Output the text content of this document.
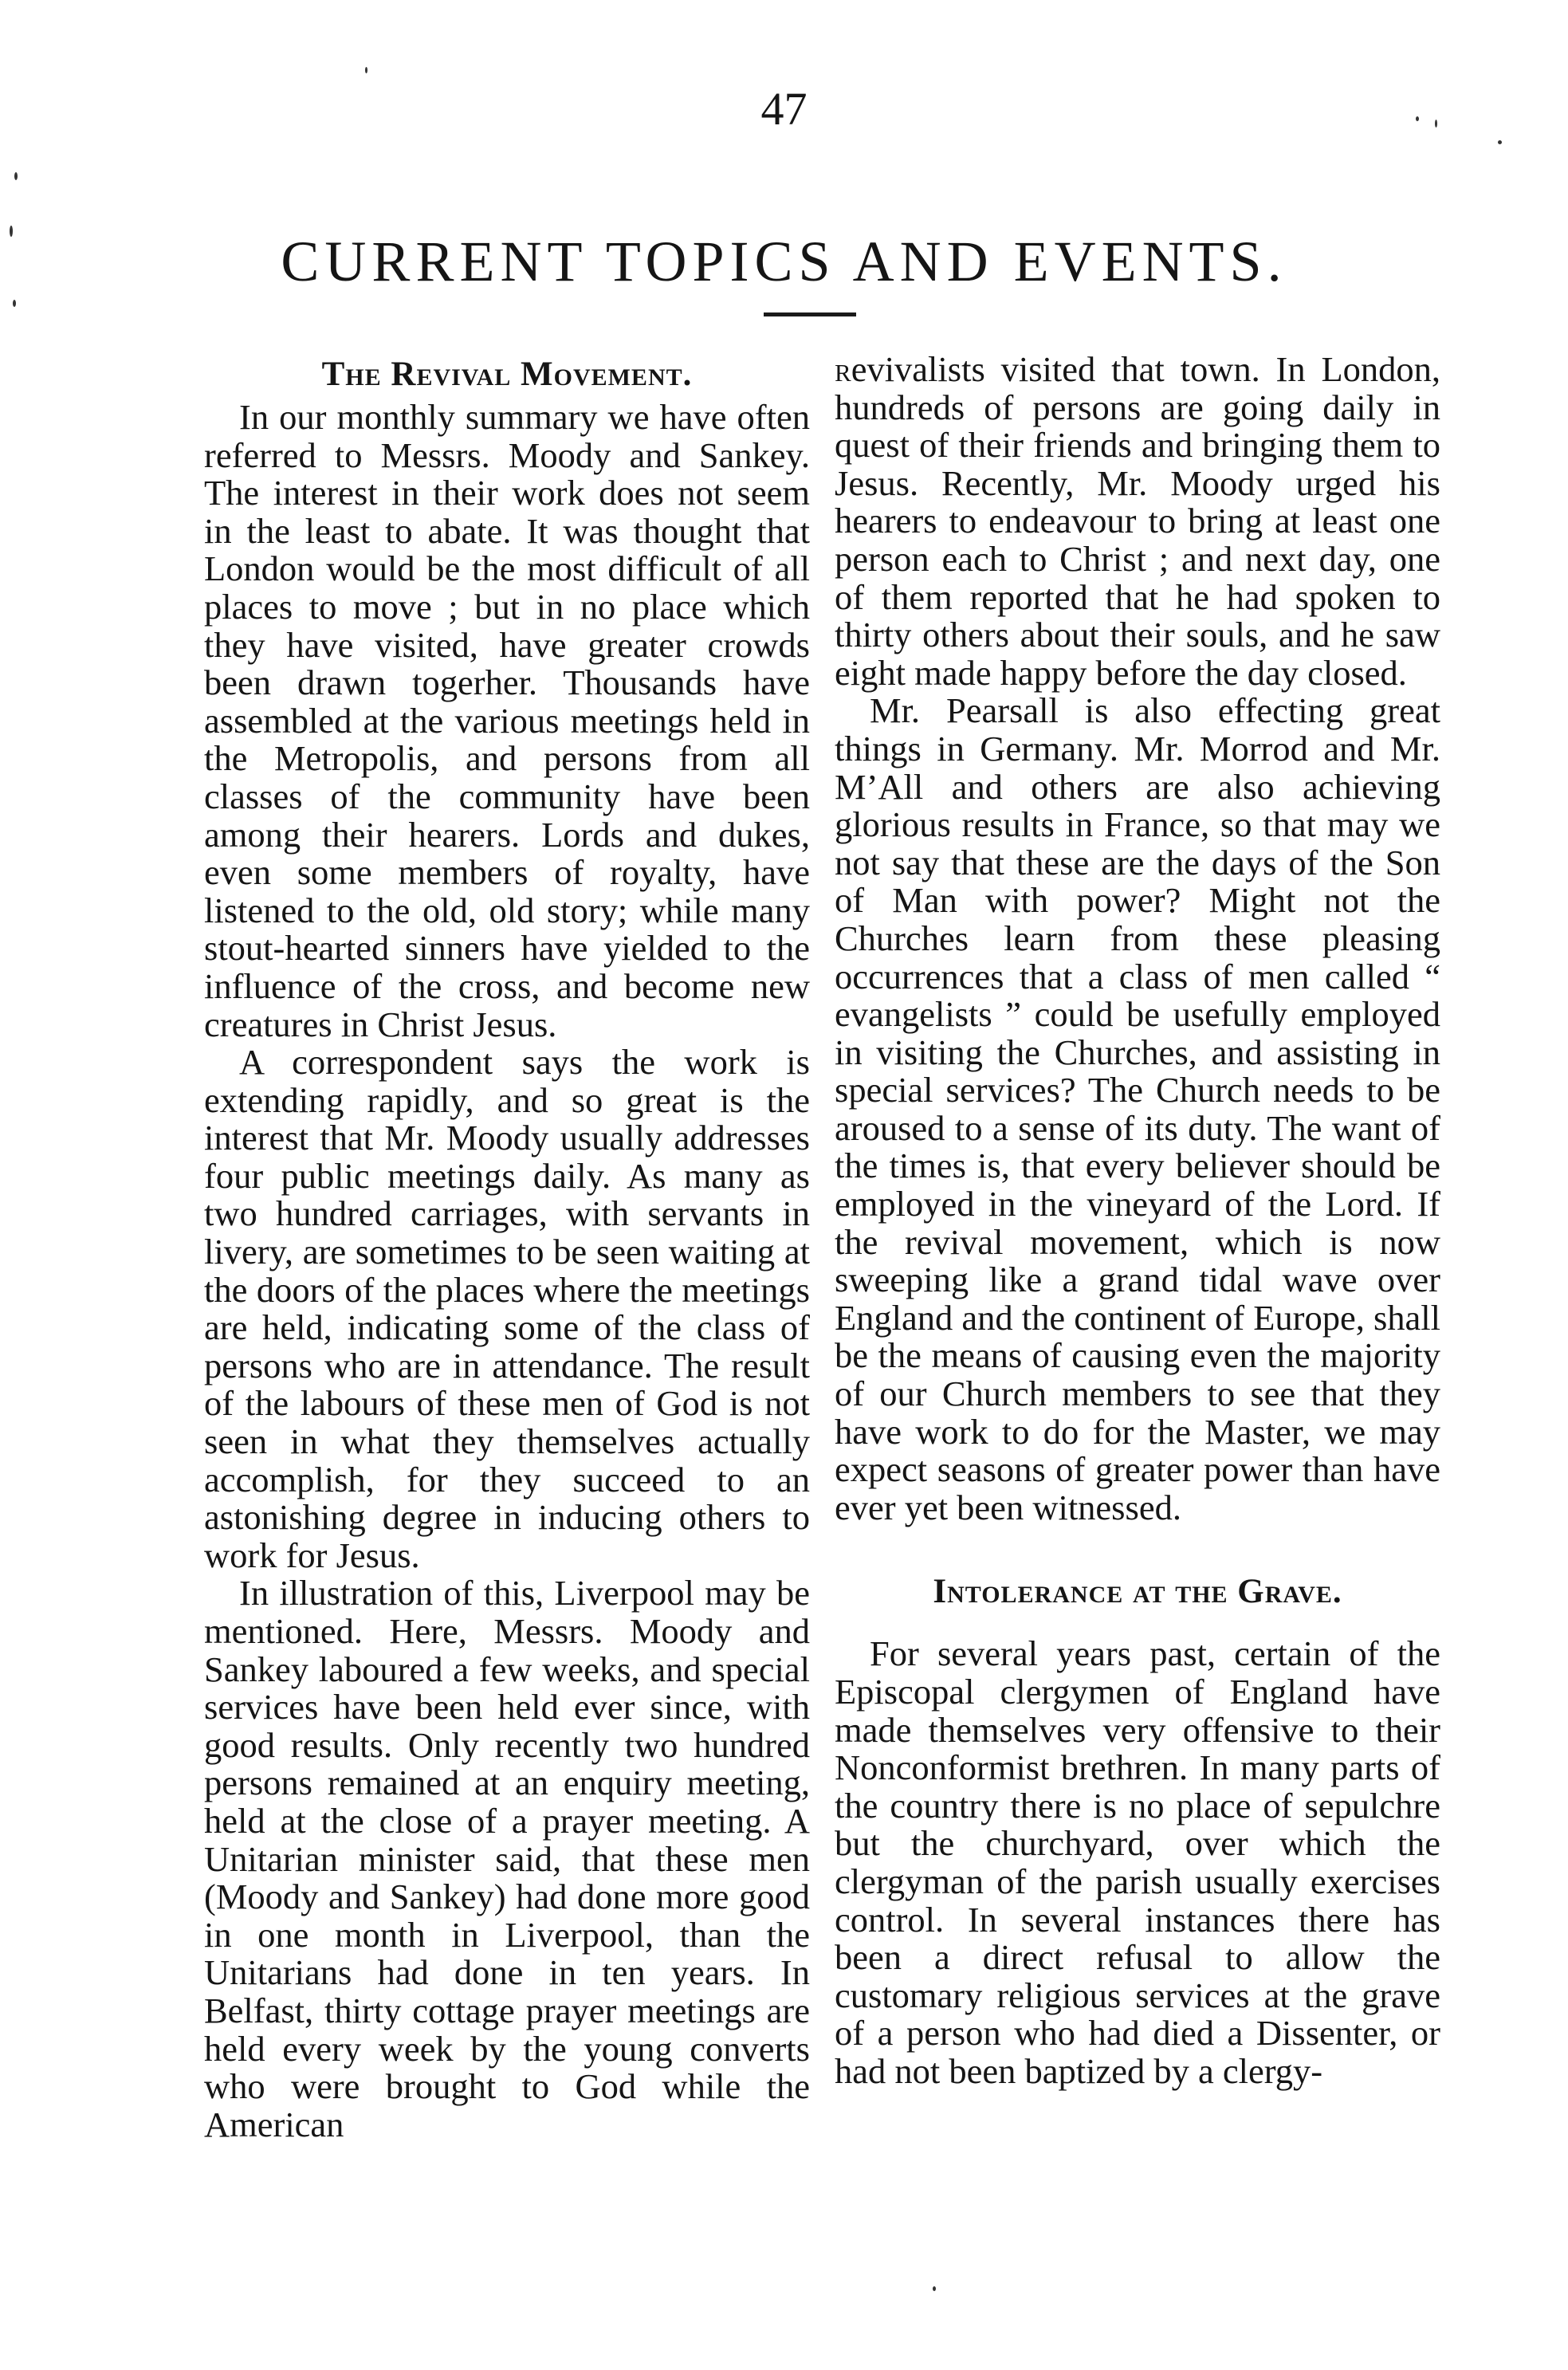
47
CURRENT TOPICS AND EVENTS.
The Revival Movement.

In our monthly summary we have often referred to Messrs. Moody and Sankey. The interest in their work does not seem in the least to abate. It was thought that London would be the most difficult of all places to move ; but in no place which they have visited, have greater crowds been drawn togerher. Thousands have assembled at the various meetings held in the Metropolis, and persons from all classes of the community have been among their hearers. Lords and dukes, even some members of royalty, have listened to the old, old story; while many stout-hearted sinners have yielded to the influence of the cross, and become new creatures in Christ Jesus.

A correspondent says the work is extending rapidly, and so great is the interest that Mr. Moody usually addresses four public meetings daily. As many as two hundred carriages, with servants in livery, are sometimes to be seen waiting at the doors of the places where the meetings are held, indicating some of the class of persons who are in attendance. The result of the labours of these men of God is not seen in what they themselves actually accomplish, for they succeed to an astonishing degree in inducing others to work for Jesus.

In illustration of this, Liverpool may be mentioned. Here, Messrs. Moody and Sankey laboured a few weeks, and special services have been held ever since, with good results. Only recently two hundred persons remained at an enquiry meeting, held at the close of a prayer meeting. A Unitarian minister said, that these men (Moody and Sankey) had done more good in one month in Liverpool, than the Unitarians had done in ten years. In Belfast, thirty cottage prayer meetings are held every week by the young converts who were brought to God while the American

revivalists visited that town. In London, hundreds of persons are going daily in quest of their friends and bringing them to Jesus. Recently, Mr. Moody urged his hearers to endeavour to bring at least one person each to Christ ; and next day, one of them reported that he had spoken to thirty others about their souls, and he saw eight made happy before the day closed.

Mr. Pearsall is also effecting great things in Germany. Mr. Morrod and Mr. M’All and others are also achieving glorious results in France, so that may we not say that these are the days of the Son of Man with power? Might not the Churches learn from these pleasing occurrences that a class of men called “ evangelists ” could be usefully employed in visiting the Churches, and assisting in special services? The Church needs to be aroused to a sense of its duty. The want of the times is, that every believer should be employed in the vineyard of the Lord. If the revival movement, which is now sweeping like a grand tidal wave over England and the continent of Europe, shall be the means of causing even the majority of our Church members to see that they have work to do for the Master, we may expect seasons of greater power than have ever yet been witnessed.

Intolerance at the Grave.

For several years past, certain of the Episcopal clergymen of England have made themselves very offensive to their Nonconformist brethren. In many parts of the country there is no place of sepulchre but the churchyard, over which the clergyman of the parish usually exercises control. In several instances there has been a direct refusal to allow the customary religious services at the grave of a person who had died a Dissenter, or had not been baptized by a clergy-
